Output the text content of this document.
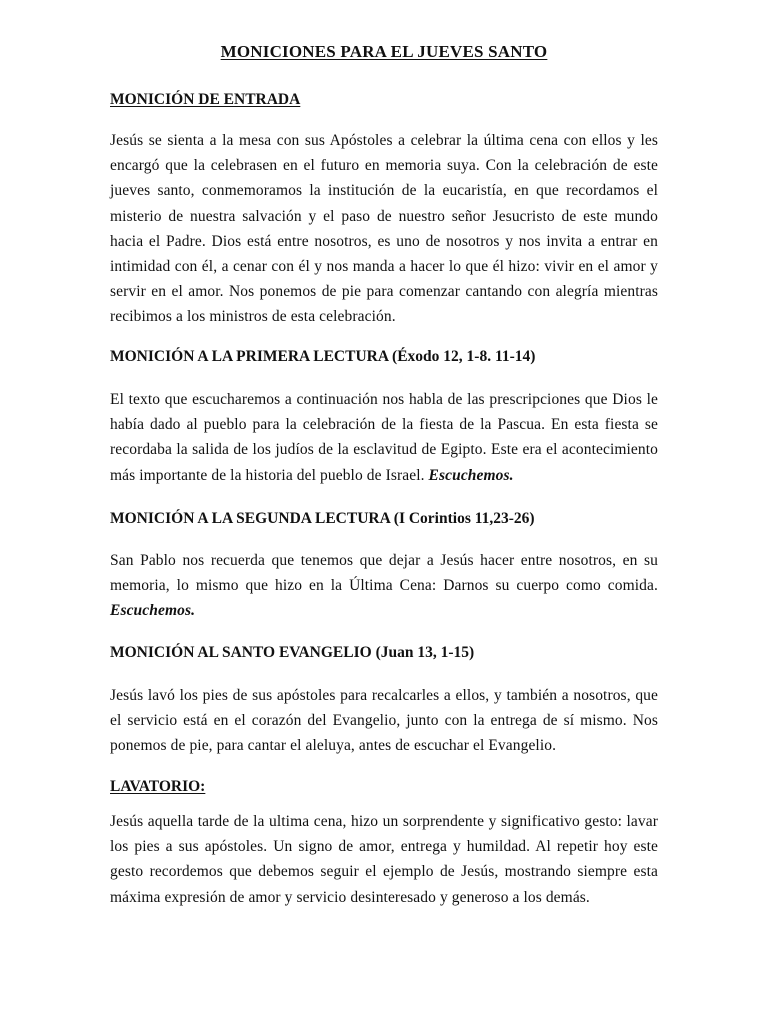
MONICIONES PARA EL JUEVES SANTO
MONICIÓN DE ENTRADA
Jesús se sienta a la mesa con sus Apóstoles a celebrar la última cena con ellos y les encargó que la celebrasen en el futuro en memoria suya. Con la celebración de este jueves santo, conmemoramos la institución de la eucaristía, en que recordamos el misterio de nuestra salvación y el paso de nuestro señor Jesucristo de este mundo hacia el Padre. Dios está entre nosotros, es uno de nosotros y nos invita a entrar en intimidad con él, a cenar con él y nos manda a hacer lo que él hizo: vivir en el amor y servir en el amor. Nos ponemos de pie para comenzar cantando con alegría mientras recibimos a los ministros de esta celebración.
MONICIÓN A LA PRIMERA LECTURA (Éxodo 12, 1-8. 11-14)
El texto que escucharemos a continuación nos habla de las prescripciones que Dios le había dado al pueblo para la celebración de la fiesta de la Pascua. En esta fiesta se recordaba la salida de los judíos de la esclavitud de Egipto. Este era el acontecimiento más importante de la historia del pueblo de Israel. Escuchemos.
MONICIÓN A LA SEGUNDA LECTURA (I Corintios 11,23-26)
San Pablo nos recuerda que tenemos que dejar a Jesús hacer entre nosotros, en su memoria, lo mismo que hizo en la Última Cena: Darnos su cuerpo como comida. Escuchemos.
MONICIÓN AL SANTO EVANGELIO (Juan 13, 1-15)
Jesús lavó los pies de sus apóstoles para recalcarles a ellos, y también a nosotros, que el servicio está en el corazón del Evangelio, junto con la entrega de sí mismo. Nos ponemos de pie, para cantar el aleluya, antes de escuchar el Evangelio.
LAVATORIO:
Jesús aquella tarde de la ultima cena, hizo un sorprendente y significativo gesto: lavar los pies a sus apóstoles. Un signo de amor, entrega y humildad. Al repetir hoy este gesto recordemos que debemos seguir el ejemplo de Jesús, mostrando siempre esta máxima expresión de amor y servicio desinteresado y generoso a los demás.
